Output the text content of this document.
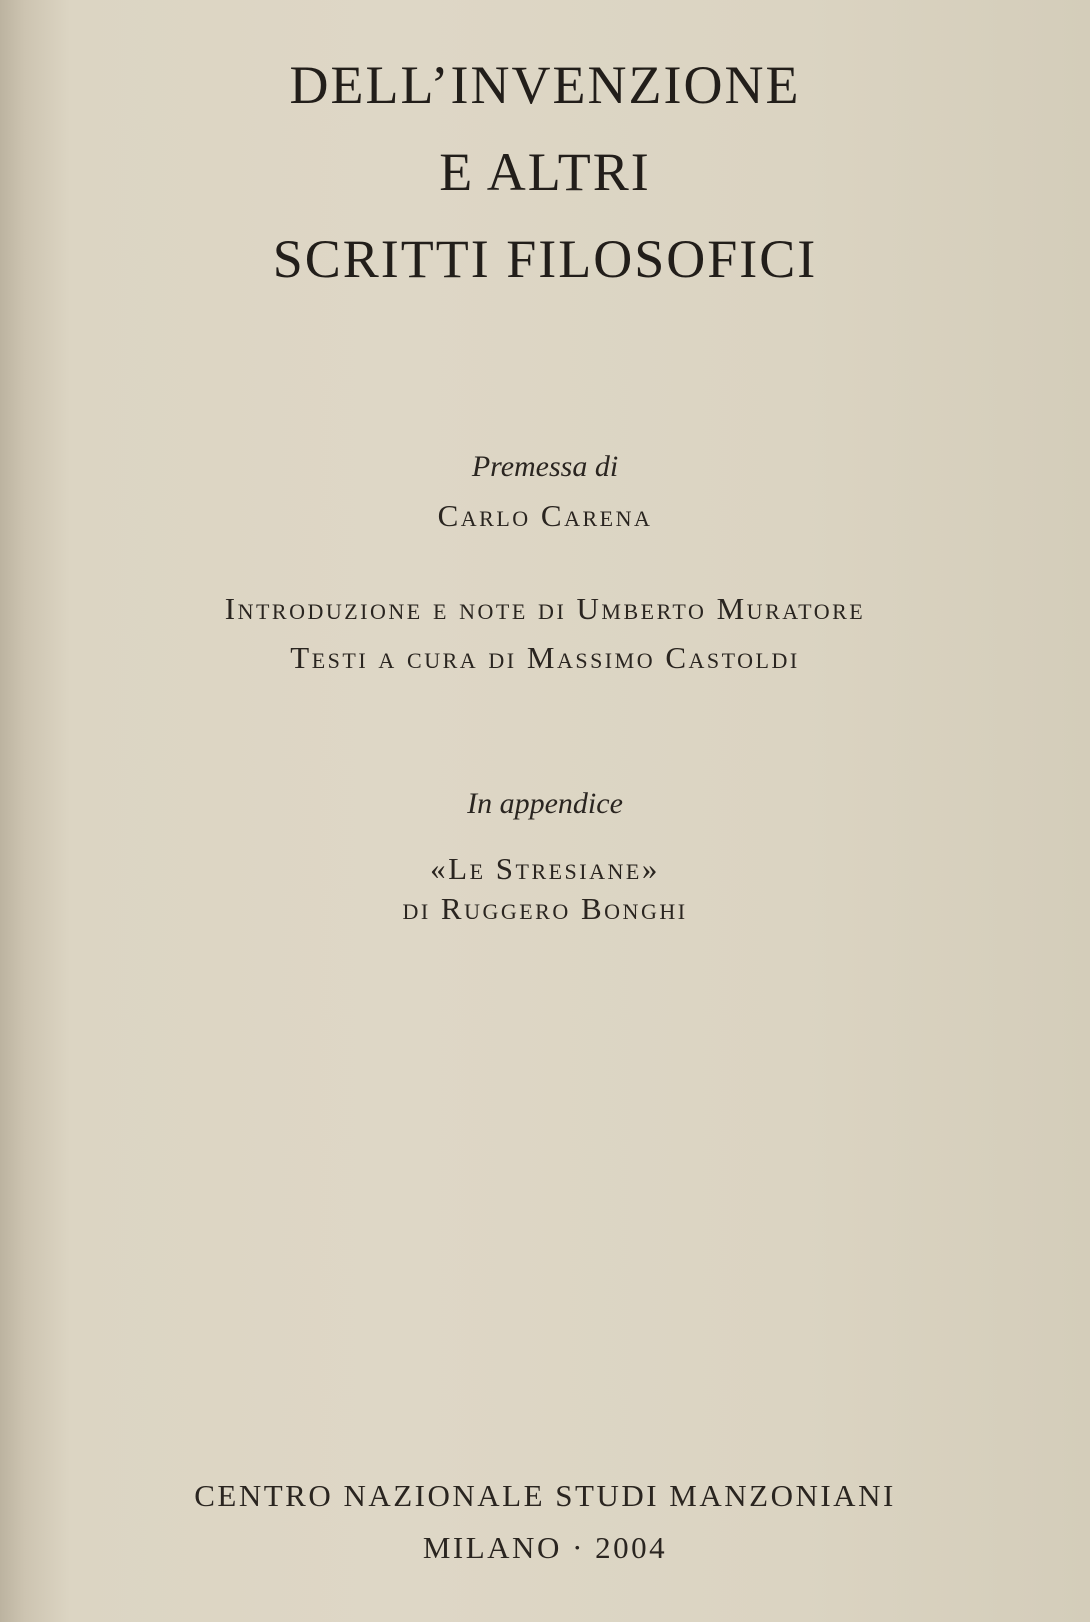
DELL’INVENZIONE
E ALTRI
SCRITTI FILOSOFICI
Premessa di
Carlo Carena
Introduzione e note di Umberto Muratore
Testi a cura di Massimo Castoldi
In appendice
«Le Stresiane»
di Ruggero Bonghi
CENTRO NAZIONALE STUDI MANZONIANI
MILANO · 2004
